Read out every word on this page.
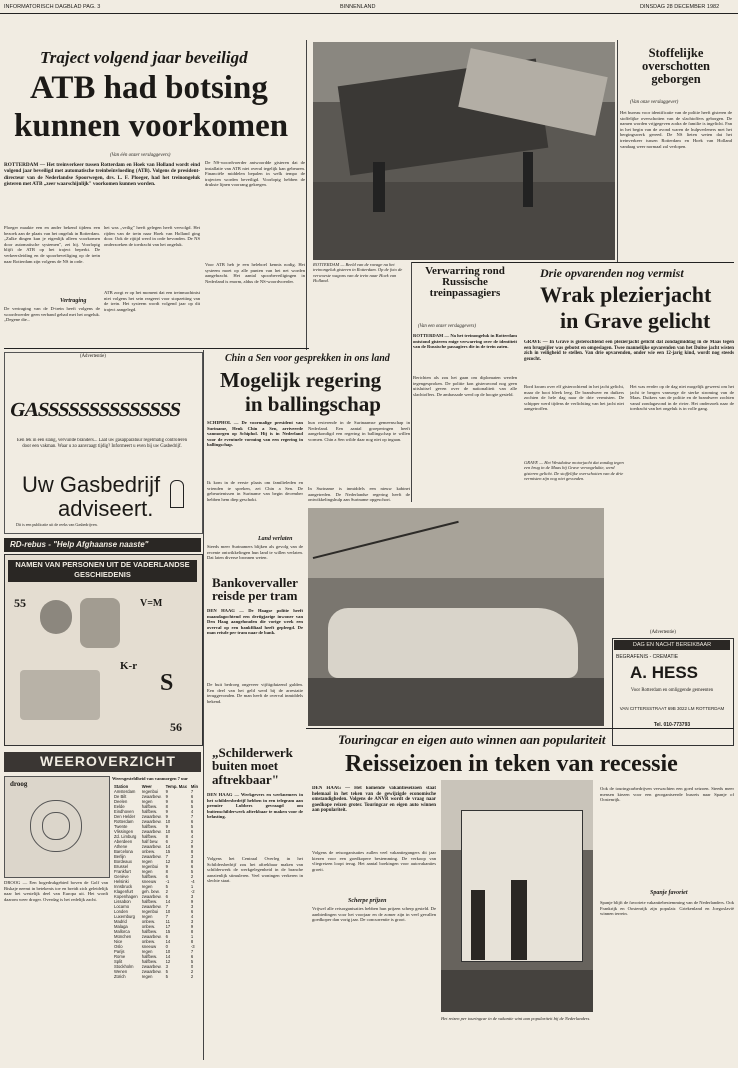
INFORMATORISCH DAGBLAD PAG. 3	BINNENLAND	DINSDAG 28 DECEMBER 1982
Traject volgend jaar beveiligd
ATB had botsing
kunnen voorkomen
(Van één onzer verslaggevers)
ROTTERDAM — Het treinverkeer tussen Rotterdam en Hoek van Holland wordt eind volgend jaar beveiligd met automatische treinbeïnvloeding (ATB). Volgens de president-directeur van de Nederlandse Spoorwegen, drs. L. F. Ploeger, had het treinongeluk gisteren met ATB „zeer waarschijnlijk" voorkomen kunnen worden.
Ploeger maakte een en ander bekend tijdens een bezoek aan de plaats van het ongeluk in Rotterdam. „Zulke dingen kun je eigenlijk alleen voorkomen door automatische systemen", zei hij. Voorlopig blijft de ATB op het traject beperkt. De verkeersleiding en de spoorbeveiliging op de trein naar Rotterdam zijn volgens de NS in orde.
Vertraging
De vertraging van de D-trein heeft volgens de woordvoerder geen verband gehad met het ongeluk. „Degene die...
het was „veilig" heeft gelegen heeft vervolgd. Het rijden van de trein naar Hoek van Holland ging door. Ook de rijtijd werd in orde bevonden. De NS onderzoeken de toedracht van het ongeluk.
ATB zorgt er op het moment dat een treinmachinist niet volgens het sein reageert voor stopzetting van de trein. Het systeem wordt volgend jaar op dit traject aangelegd.
De NS-woordvoerder antwoordde gisteren dat de installatie van ATB niet overal tegelijk kan gebeuren. Financiële middelen bepalen in welk tempo de trajecten worden beveiligd. Voorlopig hebben de drukste lijnen voorrang gekregen.
Voor ATB heb je een heleboel kennis nodig. Het systeem moet op alle punten van het net worden aangebracht. Het aantal spoorbeveiligingen in Nederland is enorm, aldus de NS-woordvoerder.
ROTTERDAM — Beeld van de ravage na het treinongeluk gisteren in Rotterdam. Op de foto de verwoeste wagons van de trein naar Hoek van Holland.
Stoffelijke overschotten geborgen
(Van onze verslaggever)
Het bureau voor identificatie van de politie heeft gisteren de stoffelijke overschotten van de slachtoffers geborgen. De namen worden vrijgegeven zodra de familie is ingelicht. Fan in het begin van de avond waren de hulpverleners met het bergingswerk gereed. De NS lieten weten dat het treinverkeer tussen Rotterdam en Hoek van Holland vandaag weer normaal zal verlopen.
Verwarring rond Russische treinpassagiers
(Van een onzer verslaggevers)
ROTTERDAM — Na het treinongeluk in Rotterdam ontstond gisteren enige verwarring over de identiteit van de Russische passagiers die in de trein zaten.
Berichten als zou het gaan om diplomaten werden tegengesproken. De politie kon gisteravond nog geen uitsluitsel geven over de nationaliteit van alle slachtoffers. De ambassade werd op de hoogte gesteld.
Drie opvarenden nog vermist
Wrak plezierjacht
in Grave gelicht
GRAVE — In Grave is gisterochtend een plezierjacht gelicht dat zondagmiddag in de Maas tegen een brugpijler was gebotst en omgeslagen. Twee mannelijke opvarenden van het Duitse jacht wisten zich in veiligheid te stellen. Van drie opvarenden, onder wie een 12-jarig kind, wordt nog steeds gezocht.
Bord kwam over elf gisterochtend in het jacht gelicht, maar de boot bleek leeg. De brandweer en duikers zochten de hele dag naar de drie vermisten. De schipper werd tijdens de verlichting van het jacht niet aangetroffen.
Het was eerder op de dag niet mogelijk geweest om het jacht te bergen vanwege de sterke stroming van de Maas. Duikers van de politie en de brandweer zochten vanaf zondagavond in de rivier. Het onderzoek naar de toedracht van het ongeluk is in volle gang.
GRAVE — Het Westduitse motorjacht dat zondag tegen een brug in de Maas bij Grave verongelukte, werd gisteren gelicht. De stoffelijke overschotten van de drie vermisten zijn nog niet gevonden.
Chin a Sen voor gesprekken in ons land
Mogelijk regering
in ballingschap
SCHIPHOL — De voormalige president van Suriname, Henk Chin a Sen, arriveerde vanmorgen op Schiphol. Hij is in Nederland voor de eventuele vorming van een regering in ballingschap.
Ik kom in de eerste plaats om familieleden en vrienden te spreken, zei Chin a Sen. De gebeurtenissen in Suriname van begin december hebben hem diep geschokt.
hun resterende in de Surinaamse gemeenschap in Nederland. Een aantal groeperingen heeft aangekondigd een regering in ballingschap te willen vormen. Chin a Sen wilde daar nog niet op ingaan.
In Suriname is inmiddels een nieuw kabinet aangetreden. De Nederlandse regering heeft de ontwikkelingshulp aan Suriname opgeschort.
Land verlaten
Steeds meer Surinamers blijken als gevolg van de recente ontwikkelingen hun land te willen verlaten. Dat laten diverse bronnen weten.
(Advertentie)
GASSSSSSSSSSSSSS
Een lek in een slang, vervuilde branders... Laat uw gasapparatuur regelmatig controleren door een vakman. Waar u zo aanvraagt tijdig? Informeert u even bij uw Gasbedrijf.
Uw Gasbedrijf
adviseert.
Dit is een publicatie uit de reeks van Gasbedrijven.
RD-rebus - "Help Afghaanse naaste"
NAMEN VAN PERSONEN UIT DE VADERLANDSE GESCHIEDENIS
55	V=M
K-r
S
56
WEEROVERZICHT
droog
DROOG — Een hogedrukgebied boven de Golf van Biskaje neemt in betekenis toe en breidt zich geleidelijk naar het westelijk deel van Europa uit. Het wordt daarom weer droger. Overdag is het redelijk zacht.
Weersgesteldheid van vanmorgen 7 uur
Station	Weer	Temp. Max	Min
Amsterdam	regenbui	9	7
De Bilt	zwaarbew.	9	6
Deelen	regen	9	6
Eelde	halfbew.	8	5
Eindhoven	halfbew.	9	4
Den Helder	zwaarbew.	9	7
Rotterdam	zwaarbew.	10	6
Twente	halfbew.	9	5
Vlissingen	zwaarbew.	10	6
Zd. Limburg	halfbew.	8	4
Aberdeen	half bew.	6	2
Athene	zwaarbew.	14	9
Barcelona	onbew.	15	8
Berlijn	zwaarbew.	7	3
Bordeaux	regen	12	8
Brussel	regenbui	9	6
Frankfurt	regen	8	5
Genève	halfbew.	6	2
Helsinki	sneeuw	-1	-4
Innsbruck	regen	5	1
Klagenfurt	geh. bew.	2	-2
Kopenhagen	zwaarbew.	6	3
Lissabon	halfbew.	14	9
Locarno	zwaarbew.	7	3
Londen	regenbui	10	6
Luxemburg	regen	7	4
Madrid	onbew.	11	3
Malaga	onbew.	17	9
Mallorca	halfbew.	15	8
München	zwaarbew.	6	1
Nice	onbew.	14	8
Oslo	sneeuw	0	-3
Parijs	regen	10	7
Rome	halfbew.	14	6
Split	halfbew.	12	5
Stockholm	zwaarbew.	3	0
Wenen	zwaarbew.	5	2
Zürich	regen	5	2
Bankovervaller reisde per tram
DEN HAAG — De Haagse politie heeft maandagochtend een dertigjarige inwoner van Den Haag aangehouden die vorige week een overval op een bankfiliaal heeft gepleegd. De man reisde per tram naar de bank.
De buit bedroeg ongeveer vijftigduizend gulden. Een deel van het geld werd bij de arrestatie teruggevonden. De man heeft de overval inmiddels bekend.
(Advertentie)
DAG EN NACHT BEREIKBAAR
BEGRAFENIS - CREMATIE
A. HESS
Voor Rotterdam en omliggende gemeenten
VAN CITTERSSTRAAT 69B 3022 LM ROTTERDAM
Tel. 010-773793
„Schilderwerk buiten moet aftrekbaar"
DEN HAAG — Werkgevers en werknemers in het schildersbedrijf hebben in een telegram aan premier Lubbers gevraagd om buitenschilderwerk aftrekbaar te maken voor de belasting.
Volgens het Centraal Overleg in het Schildersbedrijf zou het aftrekbaar maken van schilderwerk de werkgelegenheid in de branche aanzienlijk stimuleren. Veel woningen verkeren in slechte staat.
Touringcar en eigen auto winnen aan populariteit
Reisseizoen in teken van recessie
DEN HAAG — Het komende vakantieseizoen staat helemaal in het teken van de gewijzigde economische omstandigheden. Volgens de ANVR wordt de vraag naar goedkope reizen groter. Touringcar en eigen auto winnen aan populariteit.
Volgens de reisorganisaties zullen veel vakantiegangers dit jaar kiezen voor een goedkopere bestemming. De verkoop van vliegreizen loopt terug. Het aantal boekingen voor autovakanties groeit.
Scherpe prijzen
Vrijwel alle reisorganisaties hebben hun prijzen scherp gesteld. De aanbiedingen voor het voorjaar en de zomer zijn in veel gevallen goedkoper dan vorig jaar. De concurrentie is groot.
Het reizen per touringcar in de vakantie wint aan populariteit bij de Nederlanders.
Ook de touringcarbedrijven verwachten een goed seizoen. Steeds meer mensen kiezen voor een georganiseerde busreis naar Spanje of Oostenrijk.
Spanje favoriet
Spanje blijft de favoriete vakantiebestemming van de Nederlanders. Ook Frankrijk en Oostenrijk zijn populair. Griekenland en Joegoslavië winnen terrein.
